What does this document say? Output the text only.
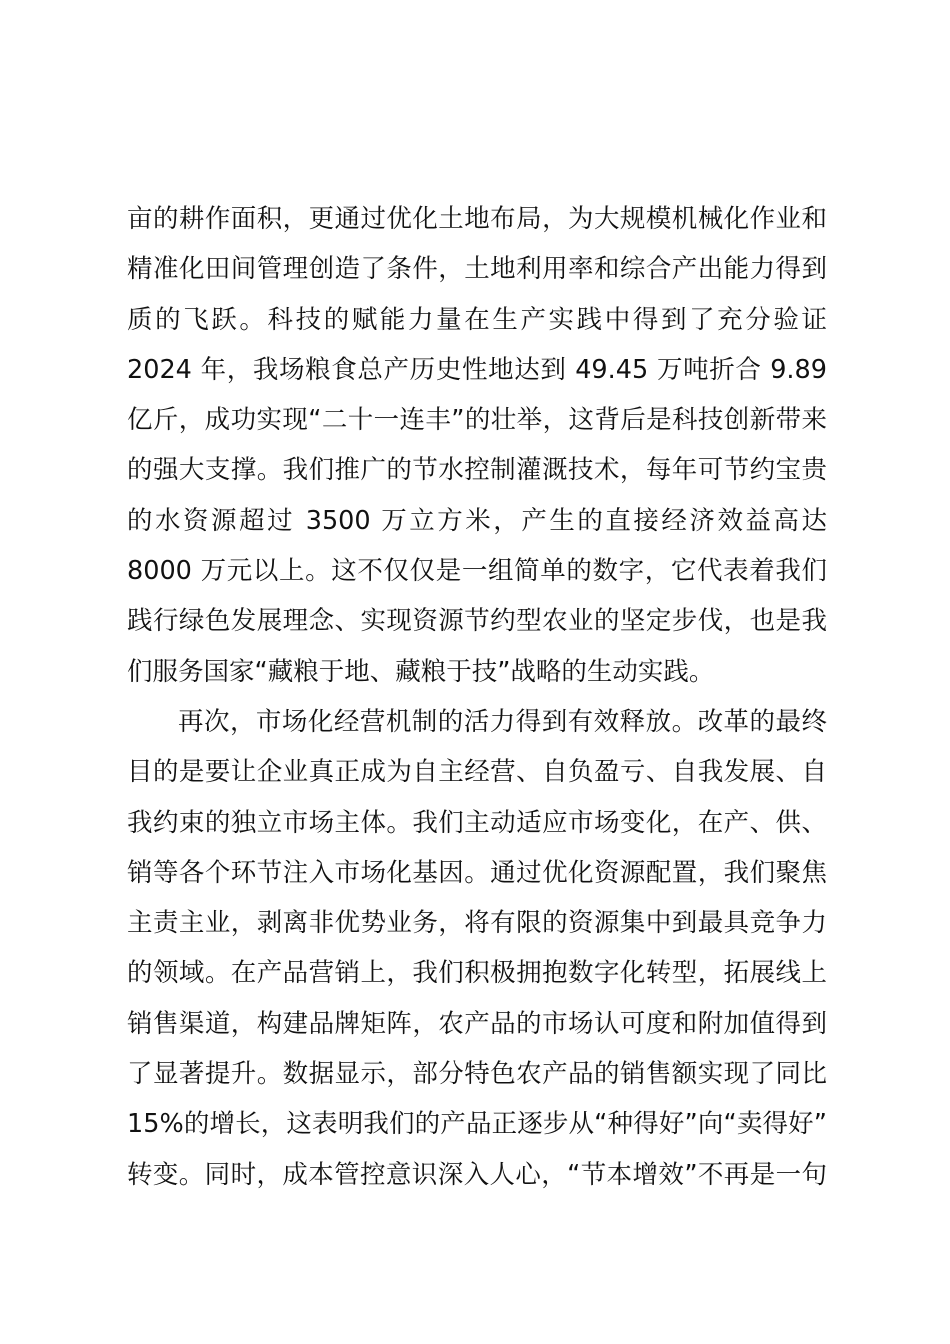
亩的耕作面积，更通过优化土地布局，为大规模机械化作业和
精准化田间管理创造了条件，土地利用率和综合产出能力得到
质的飞跃。科技的赋能力量在生产实践中得到了充分验证
2024 年，我场粮食总产历史性地达到 49.45 万吨折合 9.89
亿斤，成功实现“二十一连丰”的壮举，这背后是科技创新带来
的强大支撑。我们推广的节水控制灌溉技术，每年可节约宝贵
的水资源超过 3500 万立方米，产生的直接经济效益高达
8000 万元以上。这不仅仅是一组简单的数字，它代表着我们
践行绿色发展理念、实现资源节约型农业的坚定步伐，也是我
们服务国家“藏粮于地、藏粮于技”战略的生动实践。
再次，市场化经营机制的活力得到有效释放。改革的最终
目的是要让企业真正成为自主经营、自负盈亏、自我发展、自
我约束的独立市场主体。我们主动适应市场变化，在产、供、
销等各个环节注入市场化基因。通过优化资源配置，我们聚焦
主责主业，剥离非优势业务，将有限的资源集中到最具竞争力
的领域。在产品营销上，我们积极拥抱数字化转型，拓展线上
销售渠道，构建品牌矩阵，农产品的市场认可度和附加值得到
了显著提升。数据显示，部分特色农产品的销售额实现了同比
15%的增长，这表明我们的产品正逐步从“种得好”向“卖得好”
转变。同时，成本管控意识深入人心，“节本增效”不再是一句
